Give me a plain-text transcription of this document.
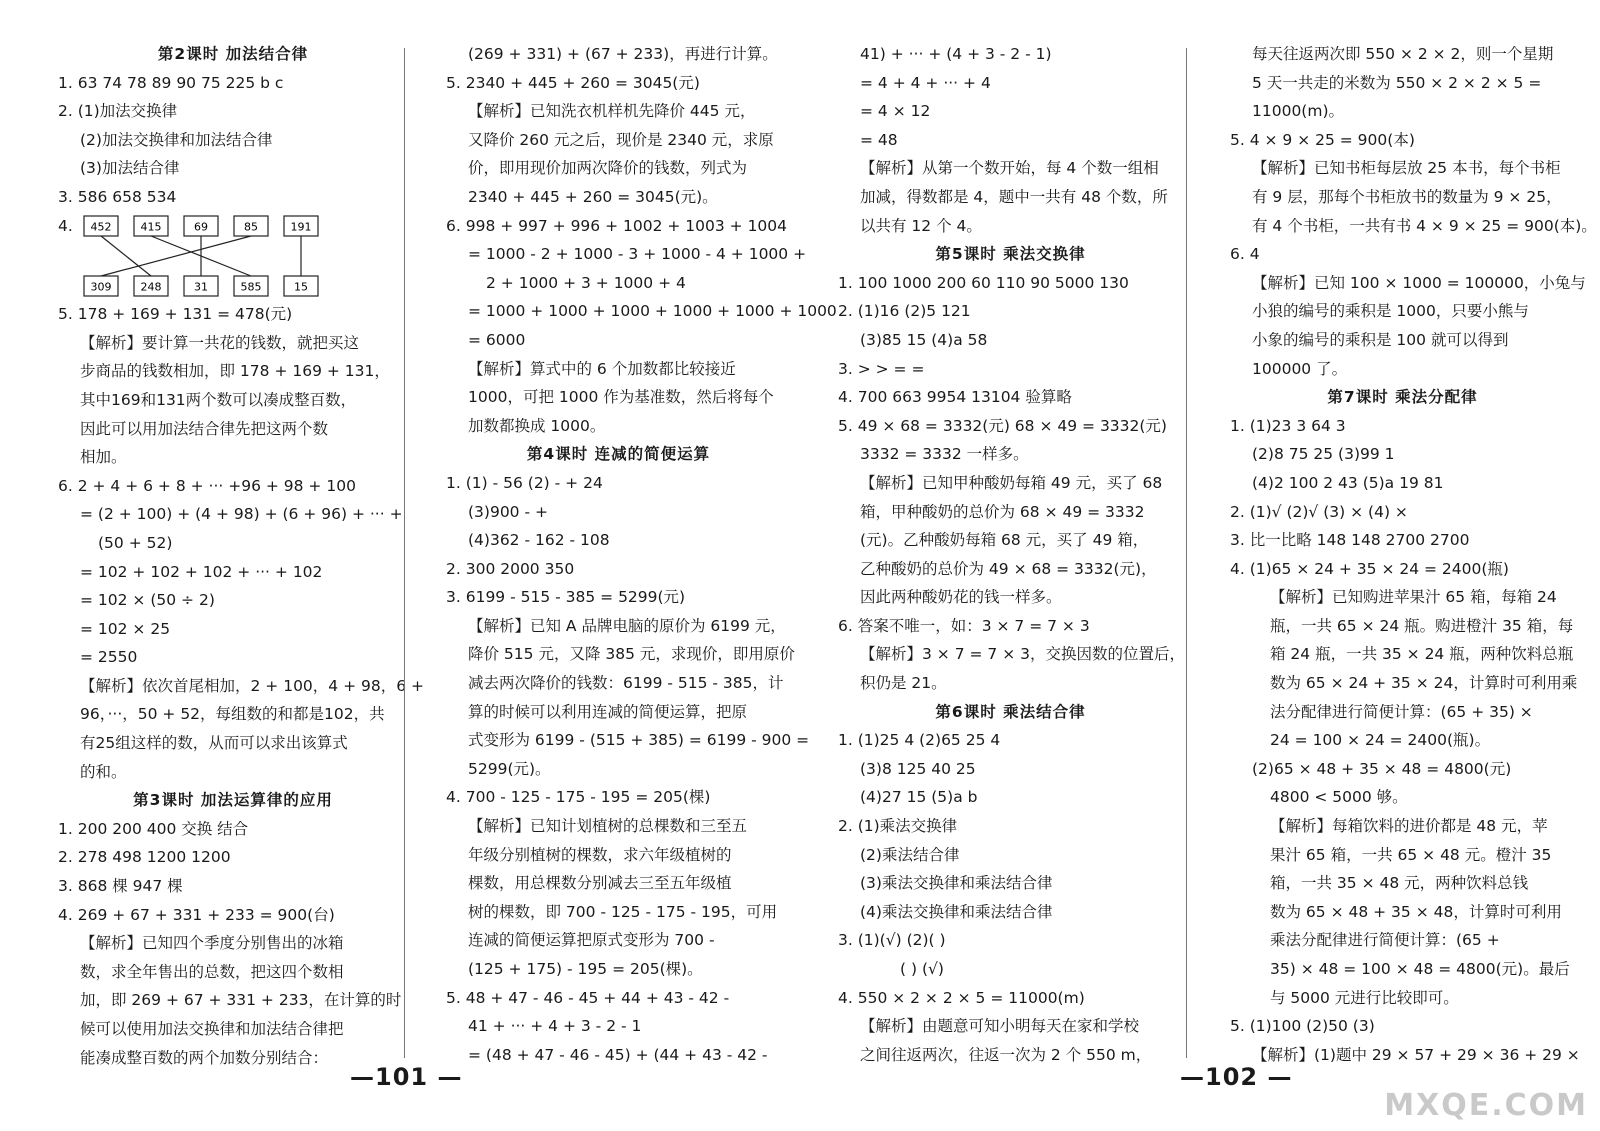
第2课时 加法结合律
1. 63 74 78 89 90 75 225 b c
2. (1)加法交换律
(2)加法交换律和加法结合律
(3)加法结合律
3. 586 658 534
4.	452	415	69	85	191
309	248	31	585	15
5. 178 + 169 + 131 = 478(元)
【解析】要计算一共花的钱数，就把买这
步商品的钱数相加，即 178 + 169 + 131，
其中169和131两个数可以凑成整百数，
因此可以用加法结合律先把这两个数
相加。
6. 2 + 4 + 6 + 8 + ··· +96 + 98 + 100
= (2 + 100) + (4 + 98) + (6 + 96) + ··· +
(50 + 52)
= 102 + 102 + 102 + ··· + 102
= 102 × (50 ÷ 2)
= 102 × 25
= 2550
【解析】依次首尾相加，2 + 100，4 + 98，6 +
96，···，50 + 52，每组数的和都是102，共
有25组这样的数，从而可以求出该算式
的和。
第3课时 加法运算律的应用
1. 200 200 400 交换 结合
2. 278 498 1200 1200
3. 868 棵 947 棵
4. 269 + 67 + 331 + 233 = 900(台)
【解析】已知四个季度分别售出的冰箱
数，求全年售出的总数，把这四个数相
加，即 269 + 67 + 331 + 233，在计算的时
候可以使用加法交换律和加法结合律把
能凑成整百数的两个加数分别结合：
(269 + 331) + (67 + 233)，再进行计算。
5. 2340 + 445 + 260 = 3045(元)
【解析】已知洗衣机样机先降价 445 元，
又降价 260 元之后，现价是 2340 元，求原
价，即用现价加两次降价的钱数，列式为
2340 + 445 + 260 = 3045(元)。
6. 998 + 997 + 996 + 1002 + 1003 + 1004
= 1000 - 2 + 1000 - 3 + 1000 - 4 + 1000 +
2 + 1000 + 3 + 1000 + 4
= 1000 + 1000 + 1000 + 1000 + 1000 + 1000
= 6000
【解析】算式中的 6 个加数都比较接近
1000，可把 1000 作为基准数，然后将每个
加数都换成 1000。
第4课时 连减的简便运算
1. (1) - 56 (2) - + 24
(3)900 - +
(4)362 - 162 - 108
2. 300 2000 350
3. 6199 - 515 - 385 = 5299(元)
【解析】已知 A 品牌电脑的原价为 6199 元，
降价 515 元，又降 385 元，求现价，即用原价
减去两次降价的钱数：6199 - 515 - 385，计
算的时候可以利用连减的简便运算，把原
式变形为 6199 - (515 + 385) = 6199 - 900 =
5299(元)。
4. 700 - 125 - 175 - 195 = 205(棵)
【解析】已知计划植树的总棵数和三至五
年级分别植树的棵数，求六年级植树的
棵数，用总棵数分别减去三至五年级植
树的棵数，即 700 - 125 - 175 - 195，可用
连减的简便运算把原式变形为 700 -
(125 + 175) - 195 = 205(棵)。
5. 48 + 47 - 46 - 45 + 44 + 43 - 42 -
41 + ··· + 4 + 3 - 2 - 1
= (48 + 47 - 46 - 45) + (44 + 43 - 42 -
41) + ··· + (4 + 3 - 2 - 1)
= 4 + 4 + ··· + 4
= 4 × 12
= 48
【解析】从第一个数开始，每 4 个数一组相
加减，得数都是 4，题中一共有 48 个数，所
以共有 12 个 4。
第5课时 乘法交换律
1. 100 1000 200 60 110 90 5000 130
2. (1)16 (2)5 121
(3)85 15 (4)a 58
3. > > = =
4. 700 663 9954 13104 验算略
5. 49 × 68 = 3332(元) 68 × 49 = 3332(元)
3332 = 3332 一样多。
【解析】已知甲种酸奶每箱 49 元，买了 68
箱，甲种酸奶的总价为 68 × 49 = 3332
(元)。乙种酸奶每箱 68 元，买了 49 箱，
乙种酸奶的总价为 49 × 68 = 3332(元)，
因此两种酸奶花的钱一样多。
6. 答案不唯一，如：3 × 7 = 7 × 3
【解析】3 × 7 = 7 × 3，交换因数的位置后，
积仍是 21。
第6课时 乘法结合律
1. (1)25 4 (2)65 25 4
(3)8 125 40 25
(4)27 15 (5)a b
2. (1)乘法交换律
(2)乘法结合律
(3)乘法交换律和乘法结合律
(4)乘法交换律和乘法结合律
3. (1)(√) (2)( )
( ) (√)
4. 550 × 2 × 2 × 5 = 11000(m)
【解析】由题意可知小明每天在家和学校
之间往返两次，往返一次为 2 个 550 m，
每天往返两次即 550 × 2 × 2，则一个星期
5 天一共走的米数为 550 × 2 × 2 × 5 =
11000(m)。
5. 4 × 9 × 25 = 900(本)
【解析】已知书柜每层放 25 本书，每个书柜
有 9 层，那每个书柜放书的数量为 9 × 25，
有 4 个书柜，一共有书 4 × 9 × 25 = 900(本)。
6. 4
【解析】已知 100 × 1000 = 100000，小兔与
小狼的编号的乘积是 1000，只要小熊与
小象的编号的乘积是 100 就可以得到
100000 了。
第7课时 乘法分配律
1. (1)23 3 64 3
(2)8 75 25 (3)99 1
(4)2 100 2 43 (5)a 19 81
2. (1)√ (2)√ (3) × (4) ×
3. 比一比略 148 148 2700 2700
4. (1)65 × 24 + 35 × 24 = 2400(瓶)
【解析】已知购进苹果汁 65 箱，每箱 24
瓶，一共 65 × 24 瓶。购进橙汁 35 箱，每
箱 24 瓶，一共 35 × 24 瓶，两种饮料总瓶
数为 65 × 24 + 35 × 24，计算时可利用乘
法分配律进行简便计算：(65 + 35) ×
24 = 100 × 24 = 2400(瓶)。
(2)65 × 48 + 35 × 48 = 4800(元)
4800 < 5000 够。
【解析】每箱饮料的进价都是 48 元，苹
果汁 65 箱，一共 65 × 48 元。橙汁 35
箱，一共 35 × 48 元，两种饮料总钱
数为 65 × 48 + 35 × 48，计算时可利用
乘法分配律进行简便计算：(65 +
35) × 48 = 100 × 48 = 4800(元)。最后
与 5000 元进行比较即可。
5. (1)100 (2)50 (3)
【解析】(1)题中 29 × 57 + 29 × 36 + 29 ×
—101 —	—102 —
MXQE.COM
